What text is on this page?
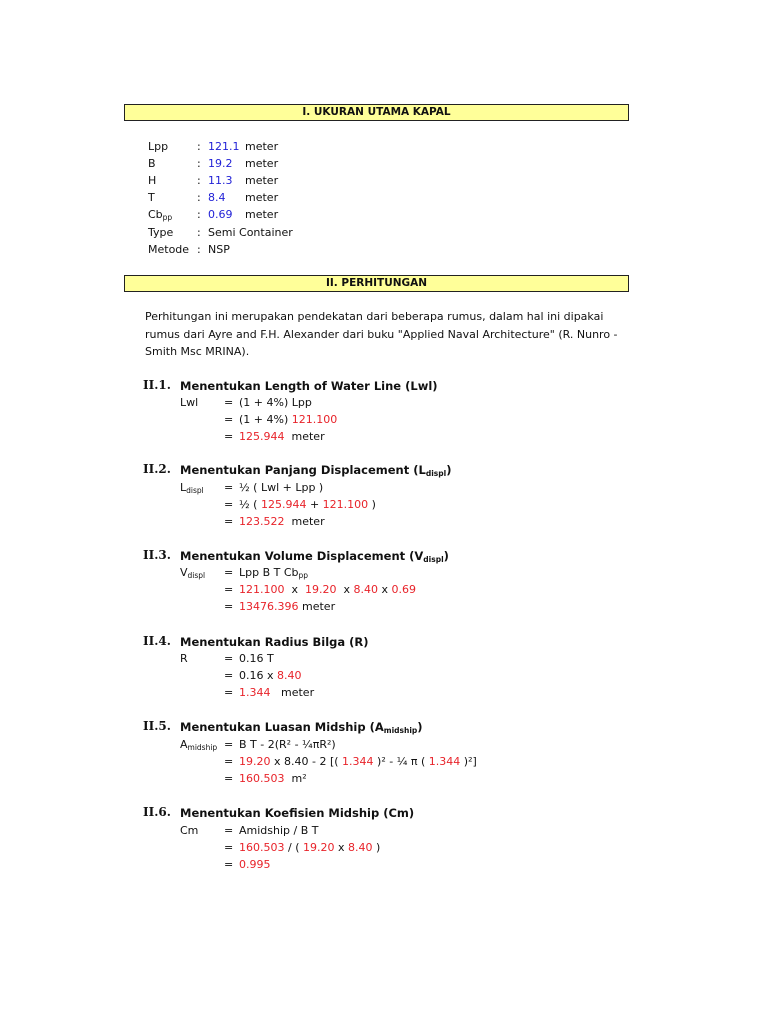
I. UKURAN UTAMA KAPAL
Lpp	: 121.1 meter
B	: 19.2 meter
H	: 11.3 meter
T	: 8.4 meter
$Cb_{pp}$ : 0.69 meter
Type : Semi Container
Metode : NSP
II. PERHITUNGAN
Perhitungan ini merupakan pendekatan dari beberapa rumus, dalam hal ini dipakai rumus dari Ayre and F.H. Alexander dari buku "Applied Naval Architecture" (R. Nunro - Smith Msc MRINA).
II.1. Menentukan Length of Water Line (Lwl)
Lwl = (1 + 4%) Lpp
= (1 + 4%) 121.100
= 125.944 meter
II.2. Menentukan Panjang Displacement $(L_{displ})$
$L_{displ}$ = ½ ( Lwl + Lpp )
= ½ ( 125.944 + 121.100 )
= 123.522 meter
II.3. Menentukan Volume Displacement $(V_{displ})$
$V_{displ}$ = Lpp B T $Cb_{pp}$
= 121.100 x 19.20 x 8.40 x 0.69
= 13476.396 meter
II.4. Menentukan Radius Bilga (R)
R	= 0.16 T
= 0.16 x 8.40
= 1.344 meter
II.5. Menentukan Luasan Midship $(A_{midship})$
$A_{midship} = B$ T - 2(R² - ¼πR²)
= 19.20 x 8.40 - 2 [( 1.344 )² - ¼ π ( 1.344 )²]
= 160.503 m²
II.6. Menentukan Koefisien Midship (Cm)
Cm = Amidship / B T
= 160.503 / ( 19.20 x 8.40 )
= 0.995
